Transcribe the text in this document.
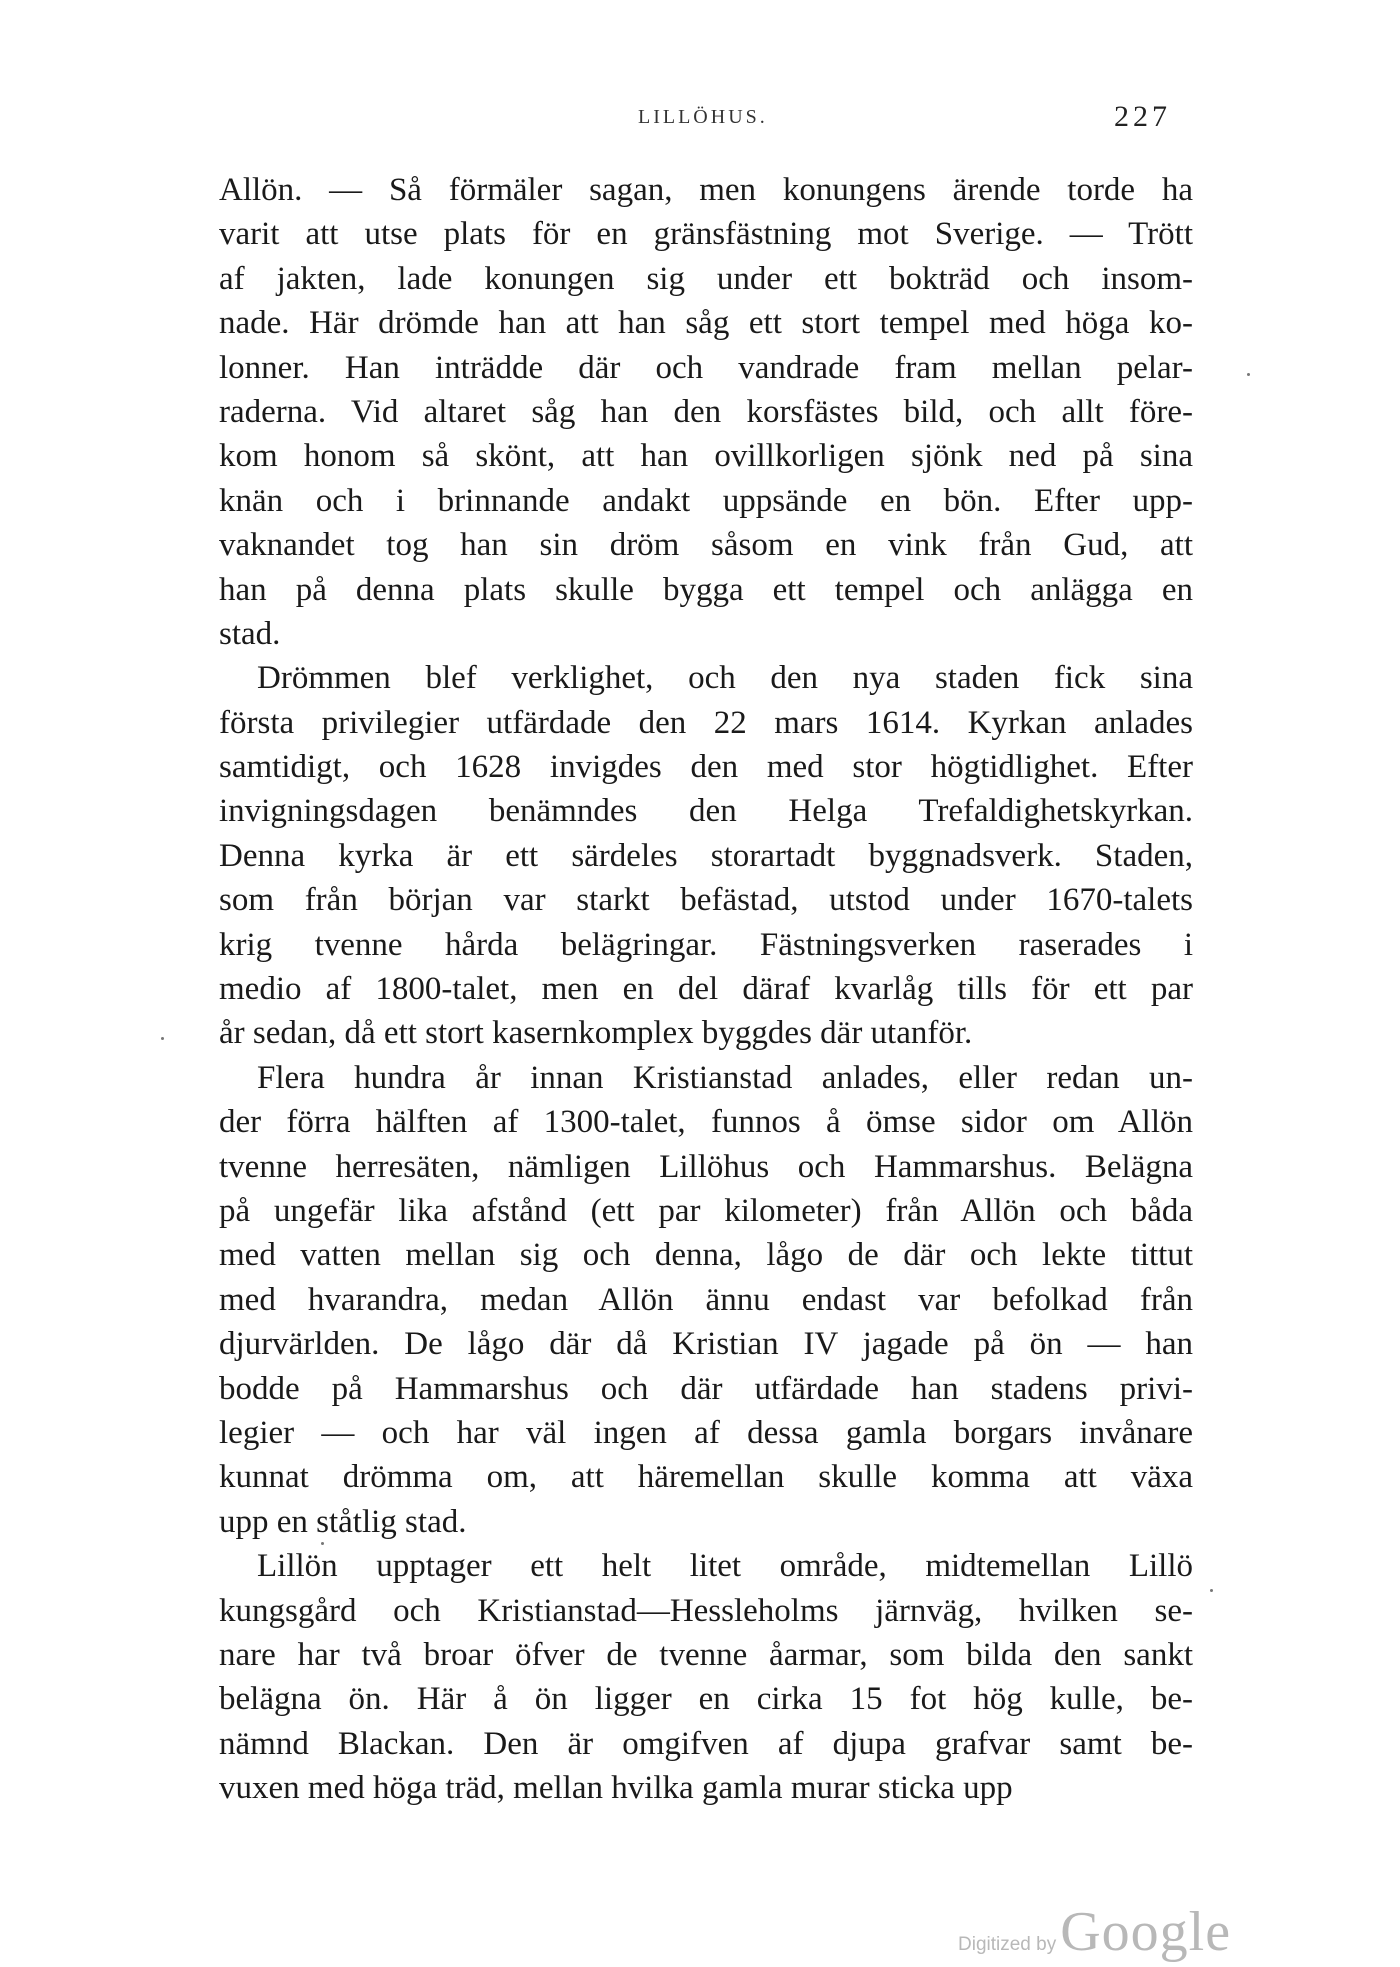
LILLÖHUS.	227
Allön. — Så förmäler sagan, men konungens ärende torde ha
varit att utse plats för en gränsfästning mot Sverige. — Trött
af jakten, lade konungen sig under ett bokträd och insom-
nade. Här drömde han att han såg ett stort tempel med höga ko-
lonner. Han inträdde där och vandrade fram mellan pelar-
raderna. Vid altaret såg han den korsfästes bild, och allt före-
kom honom så skönt, att han ovillkorligen sjönk ned på sina
knän och i brinnande andakt uppsände en bön. Efter upp-
vaknandet tog han sin dröm såsom en vink från Gud, att
han på denna plats skulle bygga ett tempel och anlägga en
stad.
Drömmen blef verklighet, och den nya staden fick sina
första privilegier utfärdade den 22 mars 1614. Kyrkan anlades
samtidigt, och 1628 invigdes den med stor högtidlighet. Efter
invigningsdagen benämndes den Helga Trefaldighetskyrkan.
Denna kyrka är ett särdeles storartadt byggnadsverk. Staden,
som från början var starkt befästad, utstod under 1670-talets
krig tvenne hårda belägringar. Fästningsverken raserades i
medio af 1800-talet, men en del däraf kvarlåg tills för ett par
år sedan, då ett stort kasernkomplex byggdes där utanför.
Flera hundra år innan Kristianstad anlades, eller redan un-
der förra hälften af 1300-talet, funnos å ömse sidor om Allön
tvenne herresäten, nämligen Lillöhus och Hammarshus. Belägna
på ungefär lika afstånd (ett par kilometer) från Allön och båda
med vatten mellan sig och denna, lågo de där och lekte tittut
med hvarandra, medan Allön ännu endast var befolkad från
djurvärlden. De lågo där då Kristian IV jagade på ön — han
bodde på Hammarshus och där utfärdade han stadens privi-
legier — och har väl ingen af dessa gamla borgars invånare
kunnat drömma om, att häremellan skulle komma att växa
upp en ståtlig stad.
Lillön upptager ett helt litet område, midtemellan Lillö
kungsgård och Kristianstad—Hessleholms järnväg, hvilken se-
nare har två broar öfver de tvenne åarmar, som bilda den sankt
belägna ön. Här å ön ligger en cirka 15 fot hög kulle, be-
nämnd Blackan. Den är omgifven af djupa grafvar samt be-
vuxen med höga träd, mellan hvilka gamla murar sticka upp
Digitized by Google
